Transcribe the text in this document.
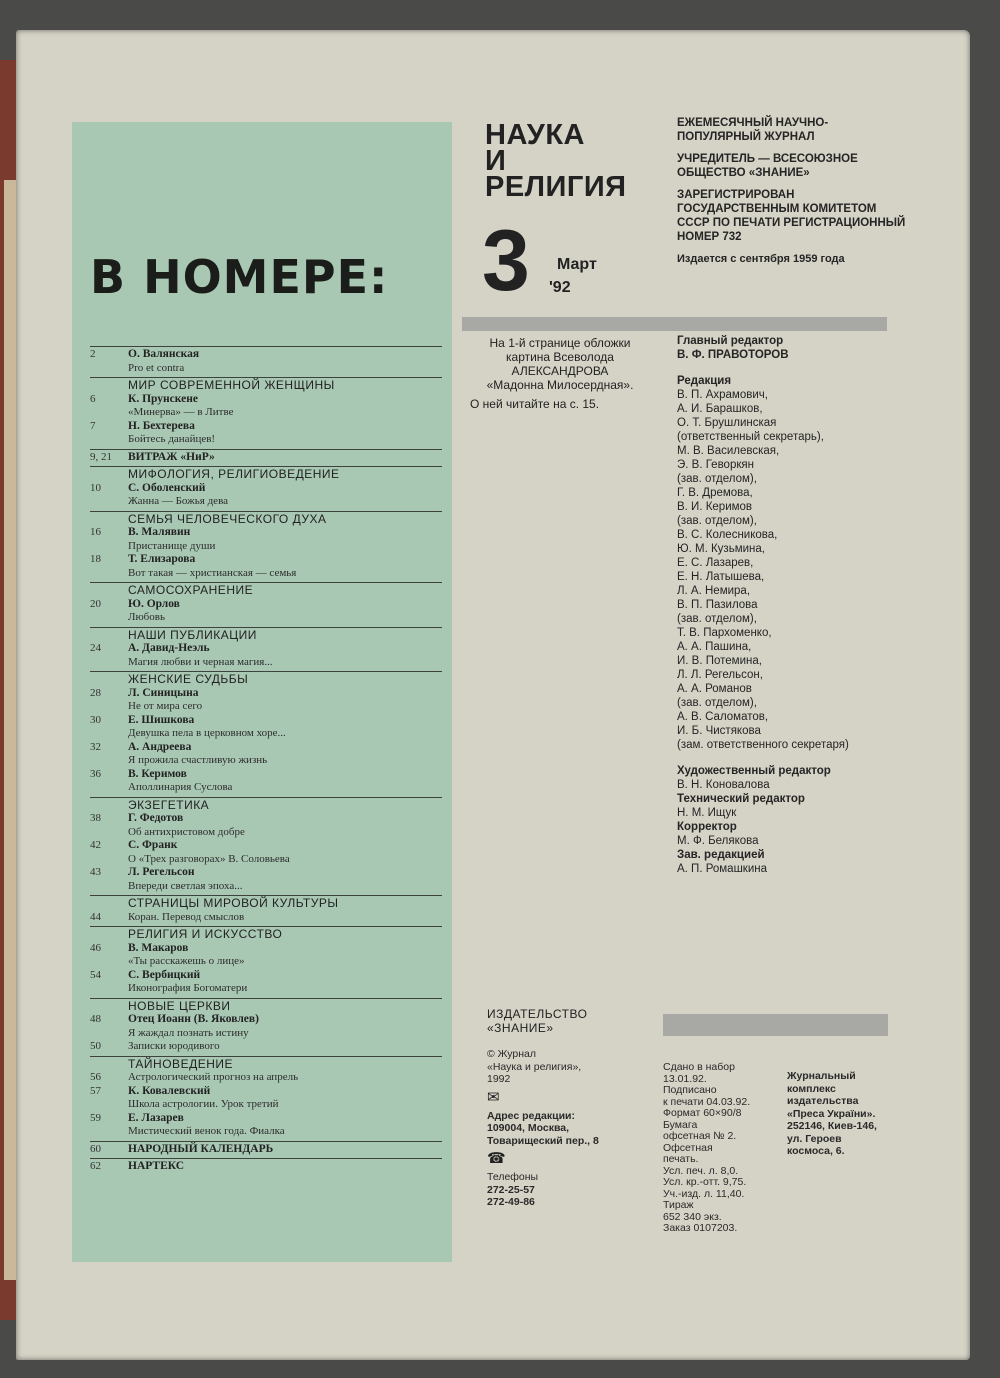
В НОМЕРЕ:
2	О. Валянская
Pro et contra
МИР СОВРЕМЕННОЙ ЖЕНЩИНЫ
6	К. Прунскене
«Минерва» — в Литве
7	Н. Бехтерева
Бойтесь данайцев!
9, 21	ВИТРАЖ «НиР»
МИФОЛОГИЯ, РЕЛИГИОВЕДЕНИЕ
10	С. Оболенский
Жанна — Божья дева
СЕМЬЯ ЧЕЛОВЕЧЕСКОГО ДУХА
16	В. Малявин
Пристанище души
18	Т. Елизарова
Вот такая — христианская — семья
САМОСОХРАНЕНИЕ
20	Ю. Орлов
Любовь
НАШИ ПУБЛИКАЦИИ
24	А. Давид-Неэль
Магия любви и черная магия...
ЖЕНСКИЕ СУДЬБЫ
28	Л. Синицына
Не от мира сего
30	Е. Шишкова
Девушка пела в церковном хоре...
32	А. Андреева
Я прожила счастливую жизнь
36	В. Керимов
Аполлинария Суслова
ЭКЗЕГЕТИКА
38	Г. Федотов
Об антихристовом добре
42	С. Франк
О «Трех разговорах» В. Соловьева
43	Л. Регельсон
Впереди светлая эпоха...
СТРАНИЦЫ МИРОВОЙ КУЛЬТУРЫ
44	Коран. Перевод смыслов
РЕЛИГИЯ И ИСКУССТВО
46	В. Макаров
«Ты расскажешь о лице»
54	С. Вербицкий
Иконография Богоматери
НОВЫЕ ЦЕРКВИ
48	Отец Иоанн (В. Яковлев)
Я жаждал познать истину
50	Записки юродивого
ТАЙНОВЕДЕНИЕ
56	Астрологический прогноз на апрель
57	К. Ковалевский
Школа астрологии. Урок третий
59	Е. Лазарев
Мистический венок года. Фиалка
60	НАРОДНЫЙ КАЛЕНДАРЬ
62	НАРТЕКС
НАУКА
И
РЕЛИГИЯ
3 Март
'92

ЕЖЕМЕСЯЧНЫЙ НАУЧНО-ПОПУЛЯРНЫЙ ЖУРНАЛ

УЧРЕДИТЕЛЬ — ВСЕСОЮЗНОЕ ОБЩЕСТВО «ЗНАНИЕ»

ЗАРЕГИСТРИРОВАН ГОСУДАРСТВЕННЫМ КОМИТЕТОМ СССР ПО ПЕЧАТИ РЕГИСТРАЦИОННЫЙ НОМЕР 732

Издается с сентября 1959 года

На 1-й странице обложки
картина Всеволода
АЛЕКСАНДРОВА
«Мадонна Милосердная».
О ней читайте на с. 15.
Главный редактор
В. Ф. ПРАВОТОРОВ
Редакция
В. П. Ахрамович,
А. И. Барашков,
О. Т. Брушлинская
(ответственный секретарь),
М. В. Василевская,
Э. В. Геворкян
(зав. отделом),
Г. В. Дремова,
В. И. Керимов
(зав. отделом),
В. С. Колесникова,
Ю. М. Кузьмина,
Е. С. Лазарев,
Е. Н. Латышева,
Л. А. Немира,
В. П. Пазилова
(зав. отделом),
Т. В. Пархоменко,
А. А. Пашина,
И. В. Потемина,
Л. Л. Регельсон,
А. А. Романов
(зав. отделом),
А. В. Саломатов,
И. Б. Чистякова
(зам. ответственного секретаря)
Художественный редактор
В. Н. Коновалова
Технический редактор
Н. М. Ищук
Корректор
М. Ф. Белякова
Зав. редакцией
А. П. Ромашкина
ИЗДАТЕЛЬСТВО
«ЗНАНИЕ»
© Журнал
«Наука и религия»,
1992
✉
Адрес редакции:
109004, Москва,
Товарищеский пер., 8
☎
Телефоны
272-25-57
272-49-86
Сдано в набор
13.01.92.
Подписано
к печати 04.03.92.
Формат 60×90/8
Бумага
офсетная № 2.
Офсетная
печать.
Усл. печ. л. 8,0.
Усл. кр.-отт. 9,75.
Уч.-изд. л. 11,40.
Тираж
652 340 экз.
Заказ 0107203.
Журнальный
комплекс
издательства
«Преса України».
252146, Киев-146,
ул. Героев
космоса, 6.
